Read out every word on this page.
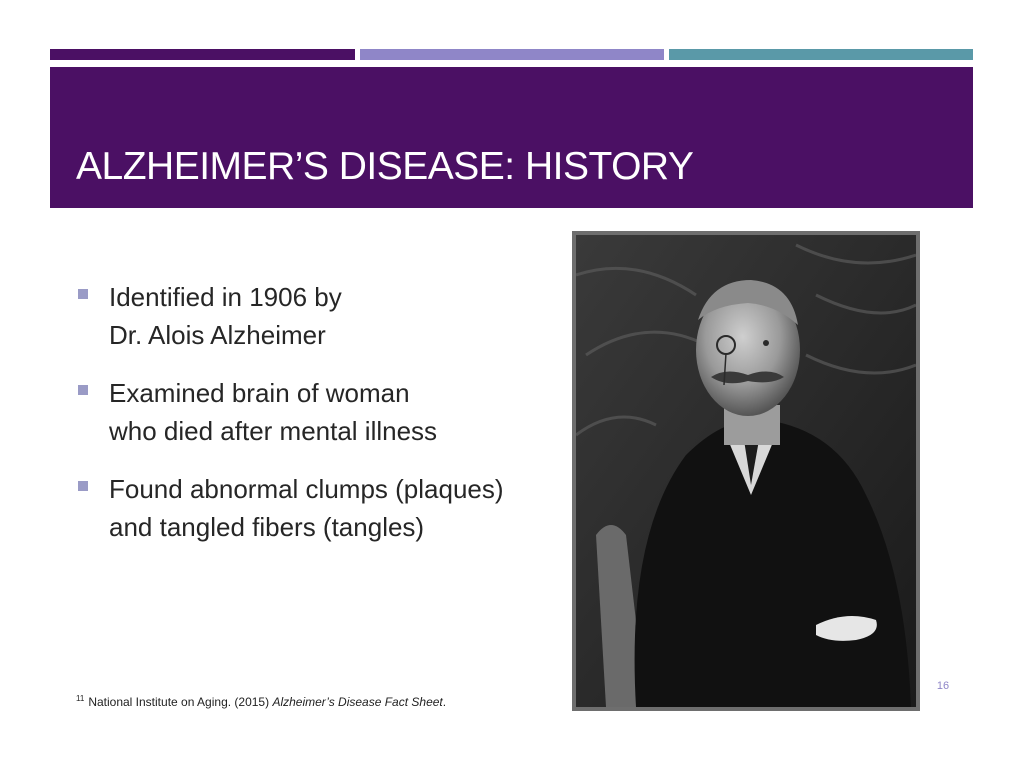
ALZHEIMER’S DISEASE: HISTORY
Identified in 1906 by
Dr. Alois Alzheimer
Examined brain of woman
who died after mental illness
Found abnormal clumps (plaques)
and tangled fibers (tangles)
16

$^{11}$ National Institute on Aging. (2015) Alzheimer’s Disease Fact Sheet.
